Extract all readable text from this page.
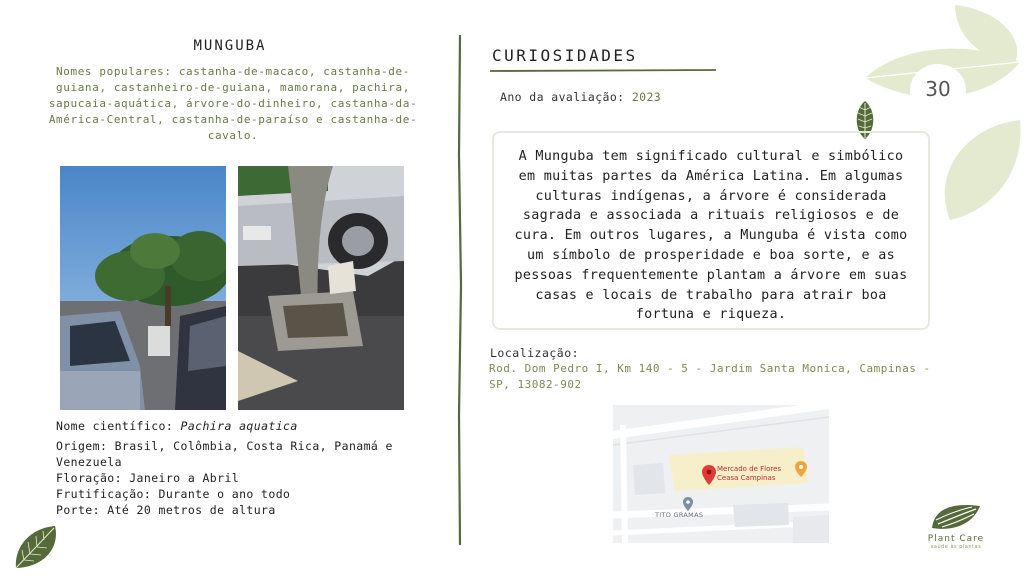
30
MUNGUBA
Nomes populares: castanha-de-macaco, castanha-de-guiana, castanheiro-de-guiana, mamorana, pachira, sapucaia-aquática, árvore-do-dinheiro, castanha-da-América-Central, castanha-de-paraíso e castanha-de-cavalo.
Nome científico: Pachira aquatica
Origem: Brasil, Colômbia, Costa Rica, Panamá e Venezuela
Floração: Janeiro a Abril
Frutificação: Durante o ano todo
Porte: Até 20 metros de altura
CURIOSIDADES
Ano da avaliação: 2023
A Munguba tem significado cultural e simbólico em muitas partes da América Latina. Em algumas culturas indígenas, a árvore é considerada sagrada e associada a rituais religiosos e de cura. Em outros lugares, a Munguba é vista como um símbolo de prosperidade e boa sorte, e as pessoas frequentemente plantam a árvore em suas casas e locais de trabalho para atrair boa fortuna e riqueza.
Localização:
Rod. Dom Pedro I, Km 140 - 5 - Jardim Santa Monica, Campinas - SP, 13082-902
Mercado de Flores
Ceasa Campinas
TITO GRAMAS
Plant Care
saúde às plantas
